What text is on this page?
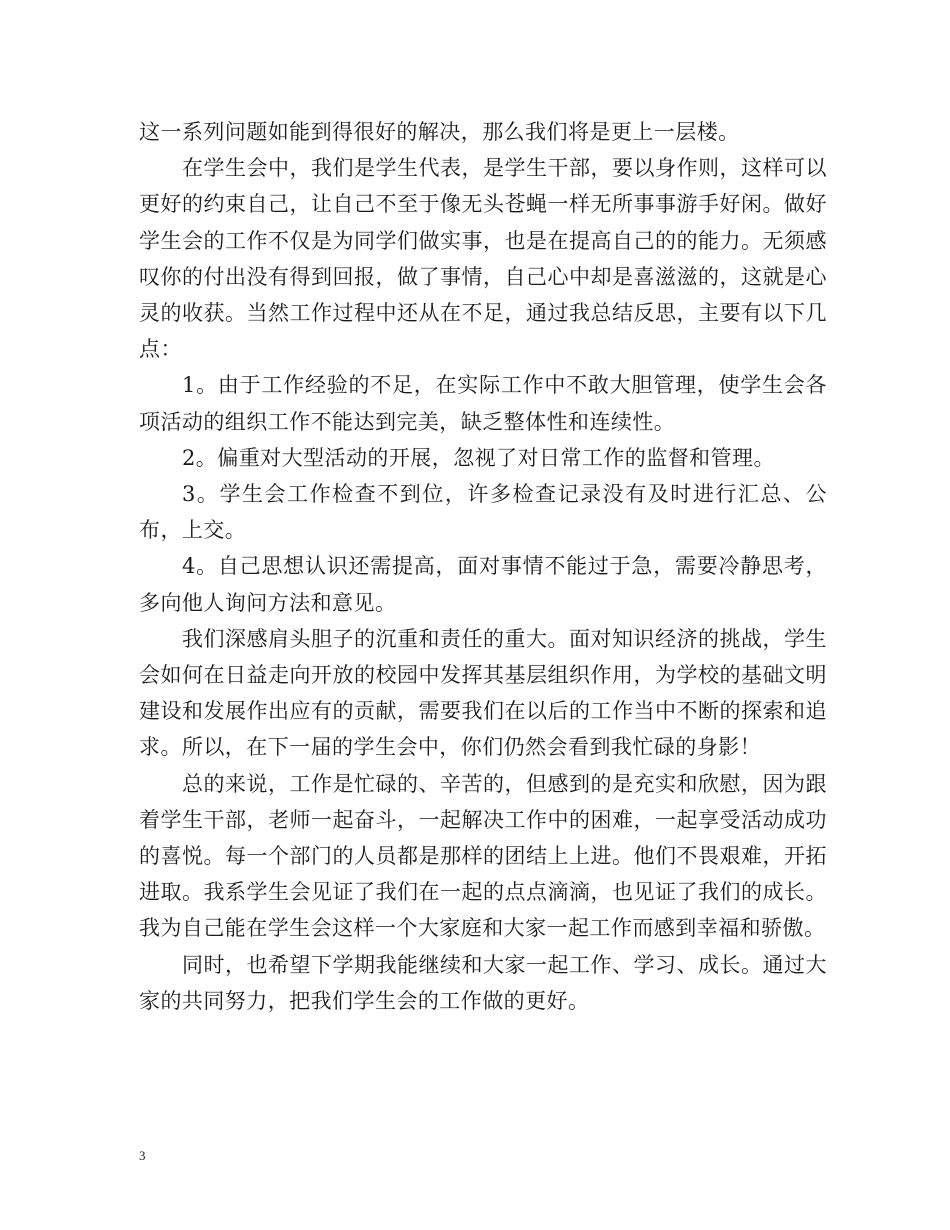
这一系列问题如能到得很好的解决，那么我们将是更上一层楼。

在学生会中，我们是学生代表，是学生干部，要以身作则，这样可以更好的约束自己，让自己不至于像无头苍蝇一样无所事事游手好闲。做好学生会的工作不仅是为同学们做实事，也是在提高自己的的能力。无须感叹你的付出没有得到回报，做了事情，自己心中却是喜滋滋的，这就是心灵的收获。当然工作过程中还从在不足，通过我总结反思，主要有以下几点：

1。由于工作经验的不足，在实际工作中不敢大胆管理，使学生会各项活动的组织工作不能达到完美，缺乏整体性和连续性。

2。偏重对大型活动的开展，忽视了对日常工作的监督和管理。

3。学生会工作检查不到位，许多检查记录没有及时进行汇总、公布，上交。

4。自己思想认识还需提高，面对事情不能过于急，需要冷静思考，多向他人询问方法和意见。

我们深感肩头胆子的沉重和责任的重大。面对知识经济的挑战，学生会如何在日益走向开放的校园中发挥其基层组织作用，为学校的基础文明建设和发展作出应有的贡献，需要我们在以后的工作当中不断的探索和追求。所以，在下一届的学生会中，你们仍然会看到我忙碌的身影！

总的来说，工作是忙碌的、辛苦的，但感到的是充实和欣慰，因为跟着学生干部，老师一起奋斗，一起解决工作中的困难，一起享受活动成功的喜悦。每一个部门的人员都是那样的团结上上进。他们不畏艰难，开拓进取。我系学生会见证了我们在一起的点点滴滴，也见证了我们的成长。我为自己能在学生会这样一个大家庭和大家一起工作而感到幸福和骄傲。

同时，也希望下学期我能继续和大家一起工作、学习、成长。通过大家的共同努力，把我们学生会的工作做的更好。

3
